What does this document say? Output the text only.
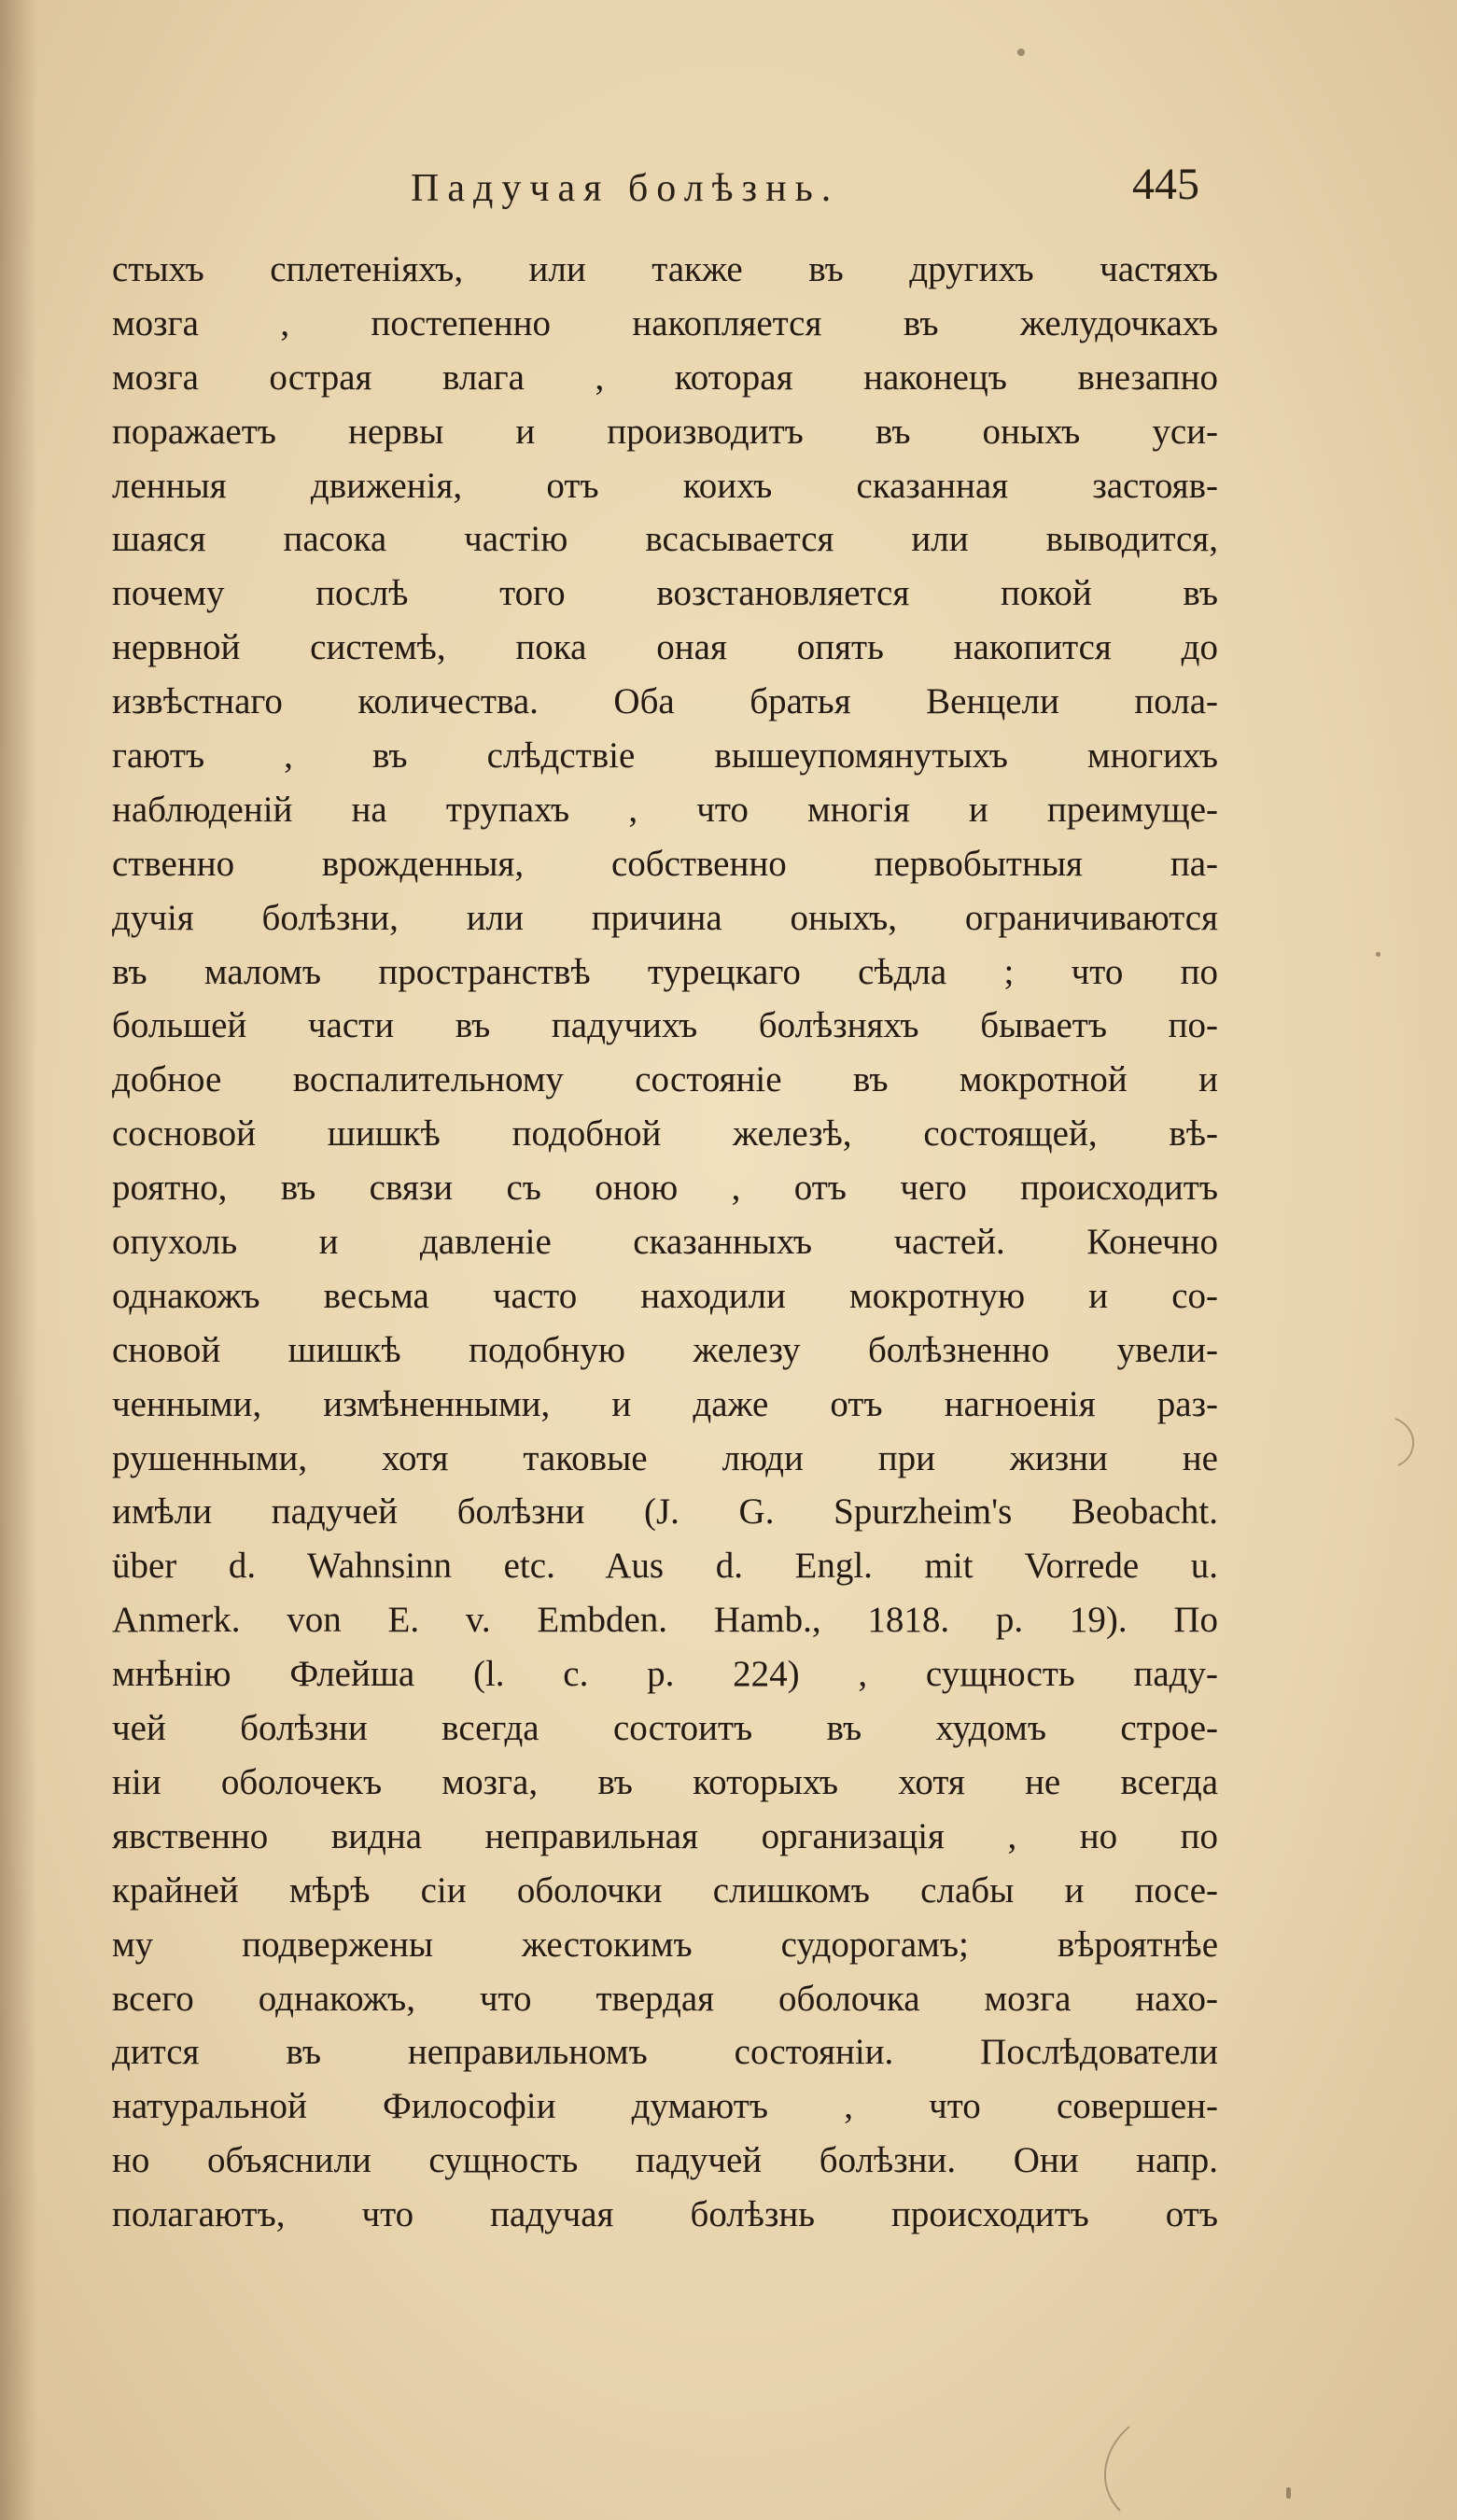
Падучая болѣзнь.	445
стыхъ сплетеніяхъ, или также въ другихъ частяхъ
мозга , постепенно накопляется въ желудочкахъ
мозга острая влага , которая наконецъ внезапно
поражаетъ нервы и производитъ въ оныхъ уси-
ленныя движенія, отъ коихъ сказанная застояв-
шаяся пасока частію всасывается или выводится,
почему послѣ того возстановляется покой въ
нервной системѣ, пока оная опять накопится до
извѣстнаго количества. Оба братья Венцели пола-
гаютъ , въ слѣдствіе вышеупомянутыхъ многихъ
наблюденій на трупахъ , что многія и преимуще-
ственно врожденныя, собственно первобытныя па-
дучія болѣзни, или причина оныхъ, ограничиваются
въ маломъ пространствѣ турецкаго сѣдла ; что по
большей части въ падучихъ болѣзняхъ бываетъ по-
добное воспалительному состояніе въ мокротной и
сосновой шишкѣ подобной железѣ, состоящей, вѣ-
роятно, въ связи съ оною , отъ чего происходитъ
опухоль и давленіе сказанныхъ частей. Конечно
однакожъ весьма часто находили мокротную и со-
сновой шишкѣ подобную железу болѣзненно увели-
ченными, измѣненными, и даже отъ нагноенія раз-
рушенными, хотя таковые люди при жизни не
имѣли падучей болѣзни (J. G. Spurzheim's Beobacht.
über d. Wahnsinn etc. Aus d. Engl. mit Vorrede u.
Anmerk. von E. v. Embden. Hamb., 1818. p. 19). По
мнѣнію Флейша (l. c. p. 224) , сущность паду-
чей болѣзни всегда состоитъ въ худомъ строе-
ніи оболочекъ мозга, въ которыхъ хотя не всегда
явственно видна неправильная организація , но по
крайней мѣрѣ сіи оболочки слишкомъ слабы и посе-
му подвержены жестокимъ судорогамъ; вѣроятнѣе
всего однакожъ, что твердая оболочка мозга нахо-
дится въ неправильномъ состояніи. Послѣдователи
натуральной Философіи думаютъ , что совершен-
но объяснили сущность падучей болѣзни. Они напр.
полагаютъ, что падучая болѣзнь происходитъ отъ
